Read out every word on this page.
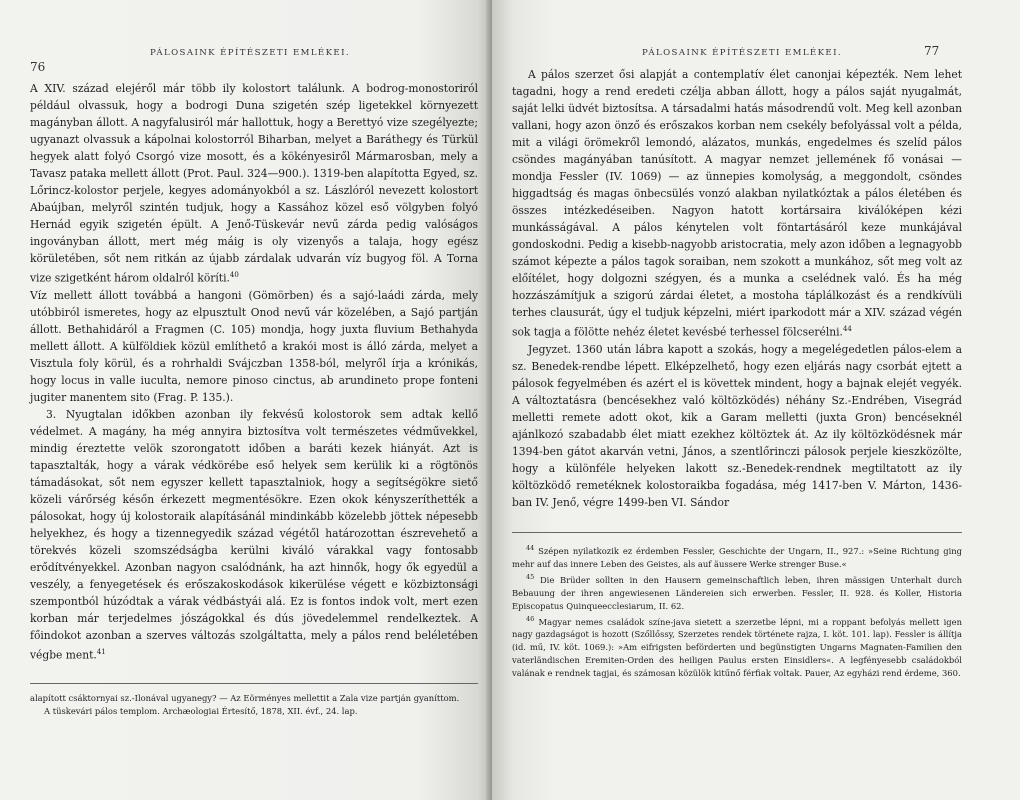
76
PÁLOSAINK ÉPÍTÉSZETI EMLÉKEI.

A XIV. század elejéről már több ily kolostort találunk. A bodrog-monostoriról például olvassuk, hogy a bodrogi Duna szigetén szép ligetekkel környezett magányban állott. A nagyfalusiról már hallottuk, hogy a Berettyó vize szegélyezte; ugyanazt olvassuk a kápolnai kolostorról Biharban, melyet a Baráthegy és Türkül hegyek alatt folyó Csorgó vize mosott, és a kökényesiről Mármarosban, mely a Tavasz pataka mellett állott (Prot. Paul. 324—900.). 1319-ben alapította Egyed, sz. Lőrincz-kolostor perjele, kegyes adományokból a sz. Lászlóról nevezett kolostort Abaújban, melyről szintén tudjuk, hogy a Kassához közel eső völgyben folyó Hernád egyik szigetén épült. A Jenő-Tüskevár nevű zárda pedig valóságos ingoványban állott, mert még máig is oly vizenyős a talaja, hogy egész körületében, sőt nem ritkán az újabb zárdalak udvarán víz bugyog föl. A Torna vize szigetként három oldalról köríti.$^{40}$

Víz mellett állott továbbá a hangoni (Gömörben) és a sajó-laádi zárda, mely utóbbiról ismeretes, hogy az elpusztult Onod nevű vár közelében, a Sajó partján állott. Bethahidáról a Fragmen (C. 105) mondja, hogy juxta fluvium Bethahyda mellett állott. A külföldiek közül említhető a krakói most is álló zárda, melyet a Visztula foly körül, és a rohrhaldi Svájczban 1358-ból, melyről írja a krónikás, hogy locus in valle iuculta, nemore pinoso cinctus, ab arundineto prope fonteni jugiter manentem sito (Frag. P. 135.).

3. Nyugtalan időkben azonban ily fekvésű kolostorok sem adtak kellő védelmet. A magány, ha még annyira biztosítva volt természetes védművekkel, mindig éreztette velök szorongatott időben a baráti kezek hiányát. Azt is tapasztalták, hogy a várak védkörébe eső helyek sem kerülik ki a rögtönös támadásokat, sőt nem egyszer kellett tapasztalniok, hogy a segítségökre siető közeli várőrség későn érkezett megmentésökre. Ezen okok kényszeríthették a pálosokat, hogy új kolostoraik alapításánál mindinkább közelebb jöttek népesebb helyekhez, és hogy a tizennegyedik század végétől határozottan észrevehető a törekvés közeli szomszédságba kerülni kiváló várakkal vagy fontosabb erődítvényekkel. Azonban nagyon csalódnánk, ha azt hinnők, hogy ők egyedül a veszély, a fenyegetések és erőszakoskodások kikerülése végett e közbiztonsági szempontból húzódtak a várak védbástyái alá. Ez is fontos indok volt, mert ezen korban már terjedelmes jószágokkal és dús jövedelemmel rendelkeztek. A főindokot azonban a szerves változás szolgáltatta, mely a pálos rend beléletében végbe ment.$^{41}$

alapított csáktornyai sz.-Ilonával ugyanegy? — Az Eörményes mellettit a Zala vize partján gyaníttom.

A tüskevári pálos templom. Archæologiai Értesítő, 1878, XII. évf., 24. lap.

PÁLOSAINK ÉPÍTÉSZETI EMLÉKEI.	77

A pálos szerzet ősi alapját a contemplatív élet canonjai képezték. Nem lehet tagadni, hogy a rend eredeti czélja abban állott, hogy a pálos saját nyugalmát, saját lelki üdvét biztosítsa. A társadalmi hatás másodrendű volt. Meg kell azonban vallani, hogy azon önző és erőszakos korban nem csekély befolyással volt a példa, mit a világi örömekről lemondó, alázatos, munkás, engedelmes és szelíd pálos csöndes magányában tanúsított. A magyar nemzet jellemének fő vonásai — mondja Fessler (IV. 1069) — az ünnepies komolyság, a meggondolt, csöndes higgadtság és magas önbecsülés vonzó alakban nyilatkóztak a pálos életében és összes intézkedéseiben. Nagyon hatott kortársaira kiválóképen kézi munkásságával. A pálos kénytelen volt föntartásáról keze munkájával gondoskodni. Pedig a kisebb-nagyobb aristocratia, mely azon időben a legnagyobb számot képezte a pálos tagok soraiban, nem szokott a munkához, sőt meg volt az előítélet, hogy dolgozni szégyen, és a munka a cselédnek való. És ha még hozzászámítjuk a szigorú zárdai életet, a mostoha táplálkozást és a rendkívüli terhes clausurát, úgy el tudjuk képzelni, miért iparkodott már a XIV. század végén sok tagja a fölötte nehéz életet kevésbé terhessel fölcserélni.$^{44}$

Jegyzet. 1360 után lábra kapott a szokás, hogy a megelégedetlen pálos-elem a sz. Benedek-rendbe lépett. Elképzelhető, hogy ezen eljárás nagy csorbát ejtett a pálosok fegyelmében és azért el is követtek mindent, hogy a bajnak elejét vegyék. A változtatásra (bencésekhez való költözködés) néhány Sz.-Endrében, Visegrád melletti remete adott okot, kik a Garam melletti (juxta Gron) bencéseknél ajánlkozó szabadabb élet miatt ezekhez költöztek át. Az ily költözködésnek már 1394-ben gátot akarván vetni, János, a szentlőrinczi pálosok perjele kieszközölte, hogy a különféle helyeken lakott sz.-Benedek-rendnek megtiltatott az ily költözködő remetéknek kolostoraikba fogadása, még 1417-ben V. Márton, 1436-ban IV. Jenő, végre 1499-ben VI. Sándor

$^{44}$ Szépen nyilatkozik ez érdemben Fessler, Geschichte der Ungarn, II., 927.: »Seine Richtung ging mehr auf das innere Leben des Geistes, als auf äussere Werke strenger Buse.«

$^{45}$ Die Brüder sollten in den Hausern gemeinschaftlich leben, ihren mässigen Unterhalt durch Bebauung der ihren angewiesenen Ländereien sich erwerben. Fessler, II. 928. és Koller, Historia Episcopatus Quinqueecclesiarum, II. 62.

$^{46}$ Magyar nemes családok színe-java sietett a szerzetbe lépni, mi a roppant befolyás mellett igen nagy gazdagságot is hozott (Szőllőssy, Szerzetes rendek története rajza, I. köt. 101. lap). Fessler is állítja (id. mű, IV. köt. 1069.): »Am eifrigsten beförderten und begünstigten Ungarns Magnaten-Familien den vaterländischen Eremiten-Orden des heiligen Paulus ersten Einsidlers«. A legfényesebb családokból valának e rendnek tagjai, és számosan közülök kitűnő férfiak voltak. Pauer, Az egyházi rend érdeme, 360.
